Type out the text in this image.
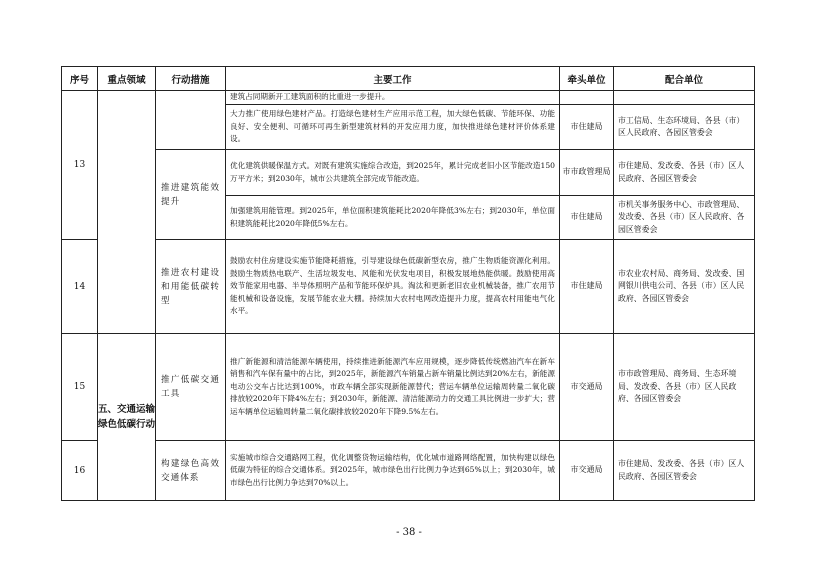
序号	重点领域	行动措施	主要工作	牵头单位	配合单位
13			建筑占同期新开工建筑面积的比重进一步提升。		
			大力推广使用绿色建材产品。打造绿色建材生产应用示范工程，加大绿色低碳、节能环保、功能良好、安全便利、可循环可再生新型建筑材料的开发应用力度，加快推进绿色建材评价体系建设。	市住建局	市工信局、生态环境局、各县（市）区人民政府、各园区管委会
		推进建筑能效提升	优化建筑供暖保温方式。对既有建筑实施综合改造，到2025年，累计完成老旧小区节能改造150万平方米；到2030年，城市公共建筑全部完成节能改造。	市市政管理局	市住建局、发改委、各县（市）区人民政府、各园区管委会
			加强建筑用能管理。到2025年，单位面积建筑能耗比2020年降低3%左右；到2030年，单位面积建筑能耗比2020年降低5%左右。	市住建局	市机关事务服务中心、市政管理局、发改委、各县（市）区人民政府、各园区管委会
14		推进农村建设和用能低碳转型	鼓励农村住房建设实施节能降耗措施，引导建设绿色低碳新型农房，推广生物质能资源化利用。鼓励生物质热电联产、生活垃圾发电、风能和光伏发电项目，积极发展地热能供暖。鼓励使用高效节能家用电器、半导体照明产品和节能环保炉具。淘汰和更新老旧农业机械装备，推广农用节能机械和设备设施，发展节能农业大棚。持续加大农村电网改造提升力度，提高农村用能电气化水平。	市住建局	市农业农村局、商务局、发改委、国网银川供电公司、各县（市）区人民政府、各园区管委会
15	五、交通运输绿色低碳行动	推广低碳交通工具	推广新能源和清洁能源车辆使用，持续推进新能源汽车应用规模，逐步降低传统燃油汽车在新车销售和汽车保有量中的占比，到2025年，新能源汽车销量占新车销量比例达到20%左右，新能源电动公交车占比达到100%，市政车辆全部实现新能源替代；营运车辆单位运输周转量二氧化碳排放较2020年下降4%左右；到2030年，新能源、清洁能源动力的交通工具比例进一步扩大；营运车辆单位运输周转量二氧化碳排放较2020年下降9.5%左右。	市交通局	市市政管理局、商务局、生态环境局、发改委、各县（市）区人民政府、各园区管委会
16		构建绿色高效交通体系	实施城市综合交通路网工程，优化调整货物运输结构，优化城市道路网络配置，加快构建以绿色低碳为特征的综合交通体系。到2025年，城市绿色出行比例力争达到65%以上；到2030年，城市绿色出行比例力争达到70%以上。	市交通局	市住建局、发改委、各县（市）区人民政府、各园区管委会
- 38 -
